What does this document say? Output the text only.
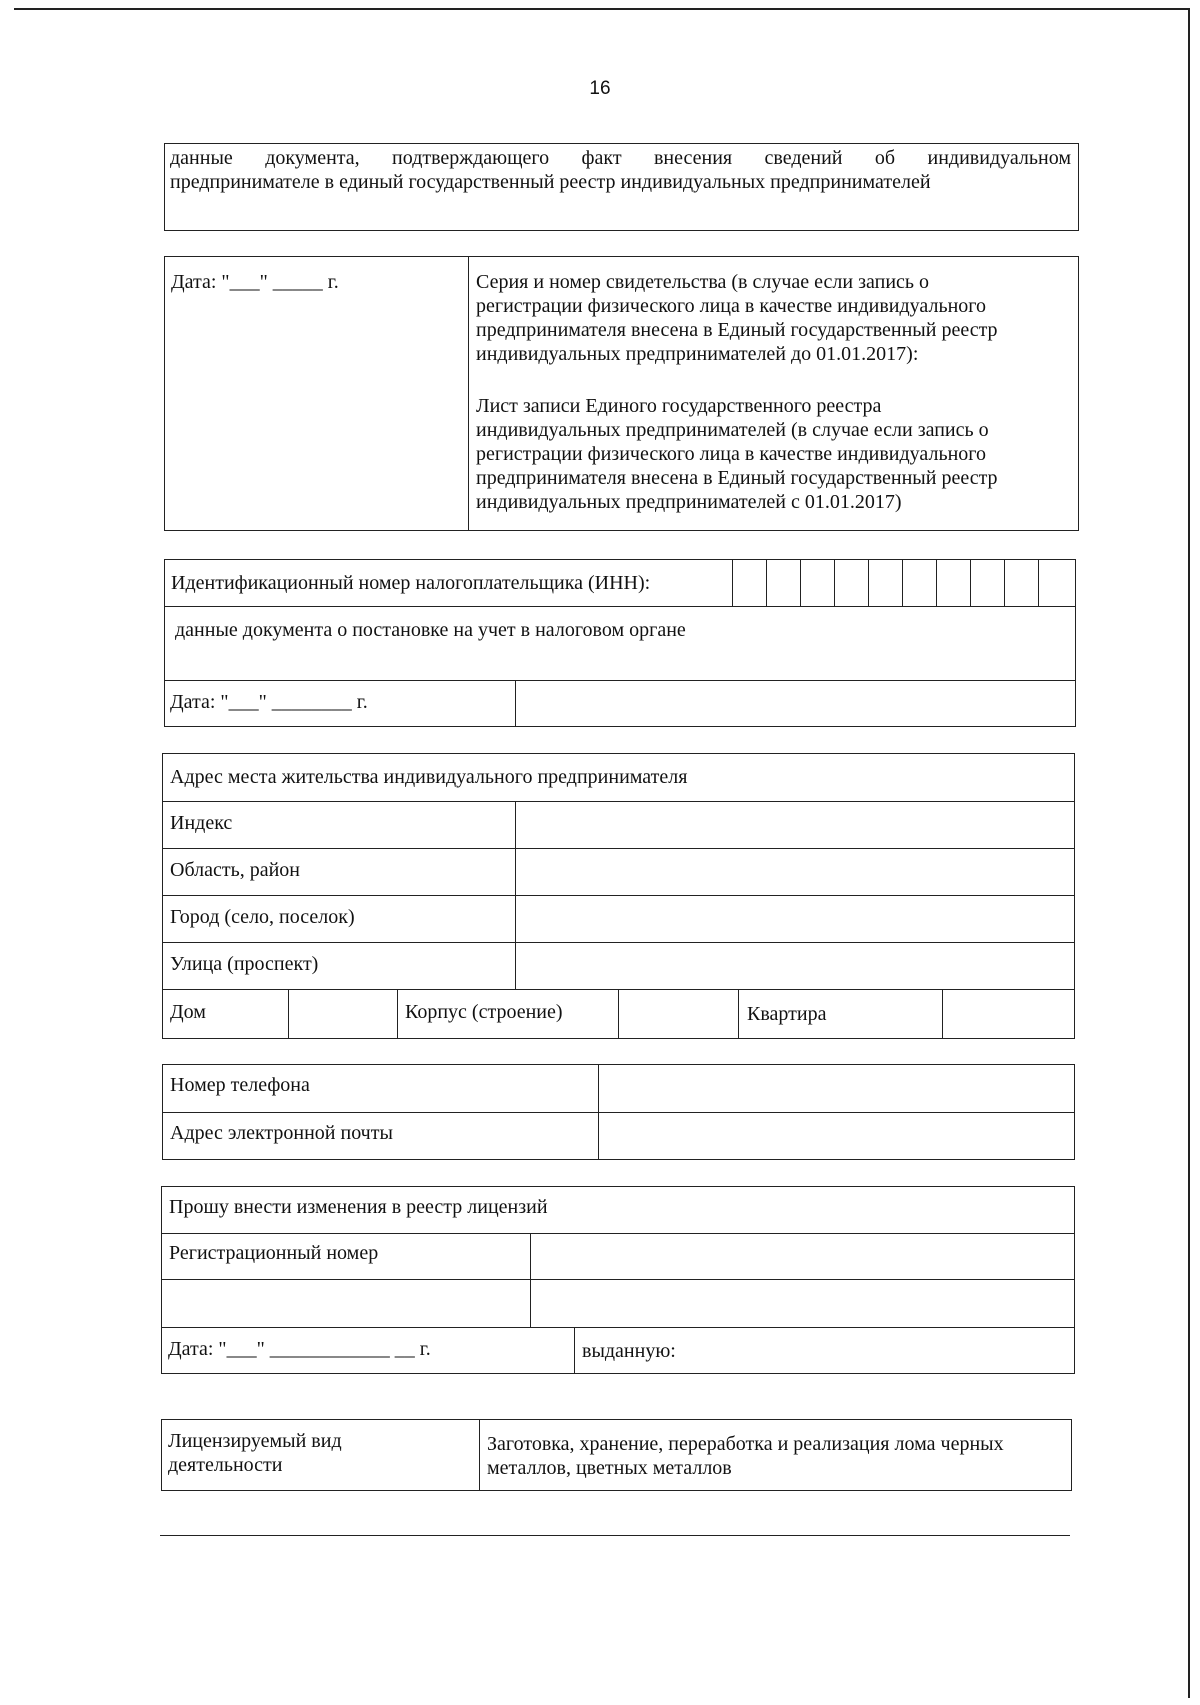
16
данные документа, подтверждающего факт внесения сведений об индивидуальном
предпринимателе в единый государственный реестр индивидуальных предпринимателей
Дата: "___" _____ г.	Серия и номер свидетельства (в случае если запись о
регистрации физического лица в качестве индивидуального
предпринимателя внесена в Единый государственный реестр
индивидуальных предпринимателей до 01.01.2017):
Лист записи Единого государственного реестра
индивидуальных предпринимателей (в случае если запись о
регистрации физического лица в качестве индивидуального
предпринимателя внесена в Единый государственный реестр
индивидуальных предпринимателей с 01.01.2017)
Идентификационный номер налогоплательщика (ИНН):
данные документа о постановке на учет в налоговом органе
Дата: "___" ________ г.
Адрес места жительства индивидуального предпринимателя
Индекс
Область, район
Город (село, поселок)
Улица (проспект)
Дом	Корпус (строение)	Квартира
Номер телефона
Адрес электронной почты
Прошу внести изменения в реестр лицензий
Регистрационный номер
Дата: "___" ____________ __ г.	выданную:
Лицензируемый вид
деятельности
Заготовка, хранение, переработка и реализация лома черных
металлов, цветных металлов
